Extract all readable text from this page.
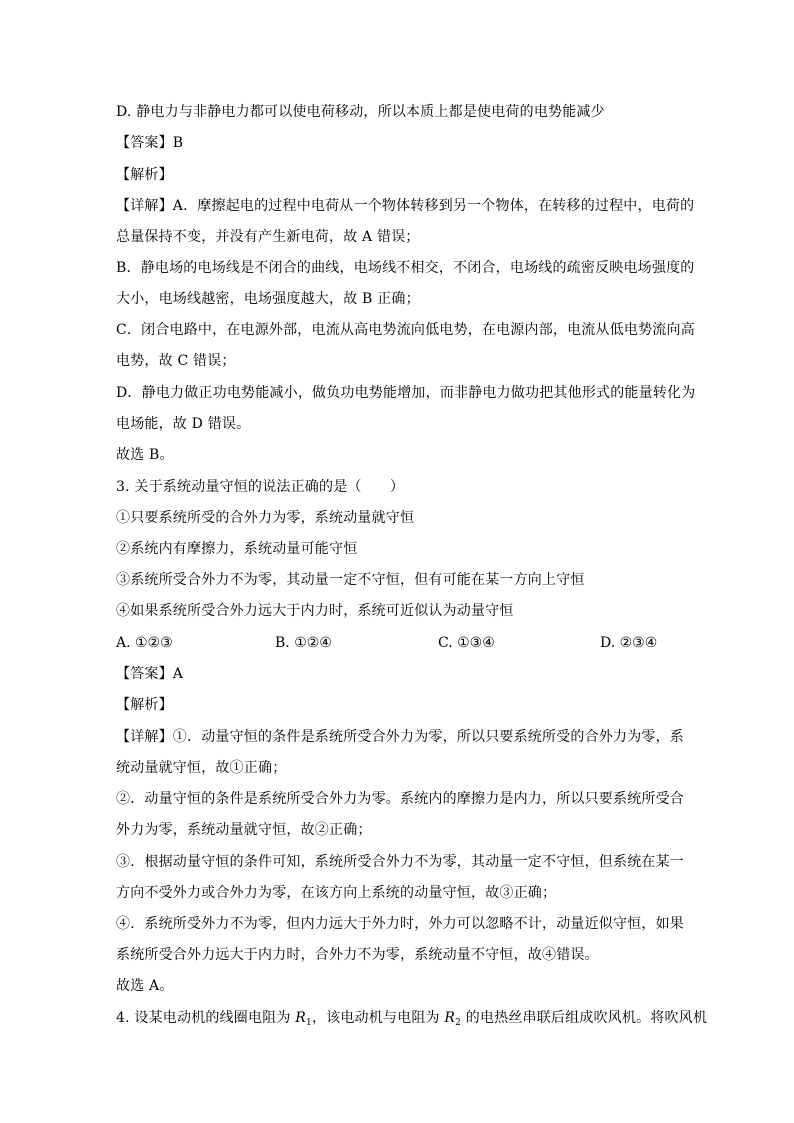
D. 静电力与非静电力都可以使电荷移动，所以本质上都是使电荷的电势能减少
【答案】B
【解析】
【详解】A．摩擦起电的过程中电荷从一个物体转移到另一个物体，在转移的过程中，电荷的
总量保持不变，并没有产生新电荷，故 A 错误；
B．静电场的电场线是不闭合的曲线，电场线不相交，不闭合，电场线的疏密反映电场强度的
大小，电场线越密，电场强度越大，故 B 正确；
C．闭合电路中，在电源外部，电流从高电势流向低电势，在电源内部，电流从低电势流向高
电势，故 C 错误；
D．静电力做正功电势能减小，做负功电势能增加，而非静电力做功把其他形式的能量转化为
电场能，故 D 错误。
故选 B。
3. 关于系统动量守恒的说法正确的是（　　）
①只要系统所受的合外力为零，系统动量就守恒
②系统内有摩擦力，系统动量可能守恒
③系统所受合外力不为零，其动量一定不守恒，但有可能在某一方向上守恒
④如果系统所受合外力远大于内力时，系统可近似认为动量守恒
A. ①②③	B. ①②④	C. ①③④	D. ②③④
【答案】A
【解析】
【详解】①．动量守恒的条件是系统所受合外力为零，所以只要系统所受的合外力为零，系
统动量就守恒，故①正确；
②．动量守恒的条件是系统所受合外力为零。系统内的摩擦力是内力，所以只要系统所受合
外力为零，系统动量就守恒，故②正确；
③．根据动量守恒的条件可知，系统所受合外力不为零，其动量一定不守恒，但系统在某一
方向不受外力或合外力为零，在该方向上系统的动量守恒，故③正确；
④．系统所受外力不为零，但内力远大于外力时，外力可以忽略不计，动量近似守恒，如果
系统所受合外力远大于内力时，合外力不为零，系统动量不守恒，故④错误。
故选 A。
4. 设某电动机的线圈电阻为 $R_1$，该电动机与电阻为 $R_2$ 的电热丝串联后组成吹风机。将吹风机
